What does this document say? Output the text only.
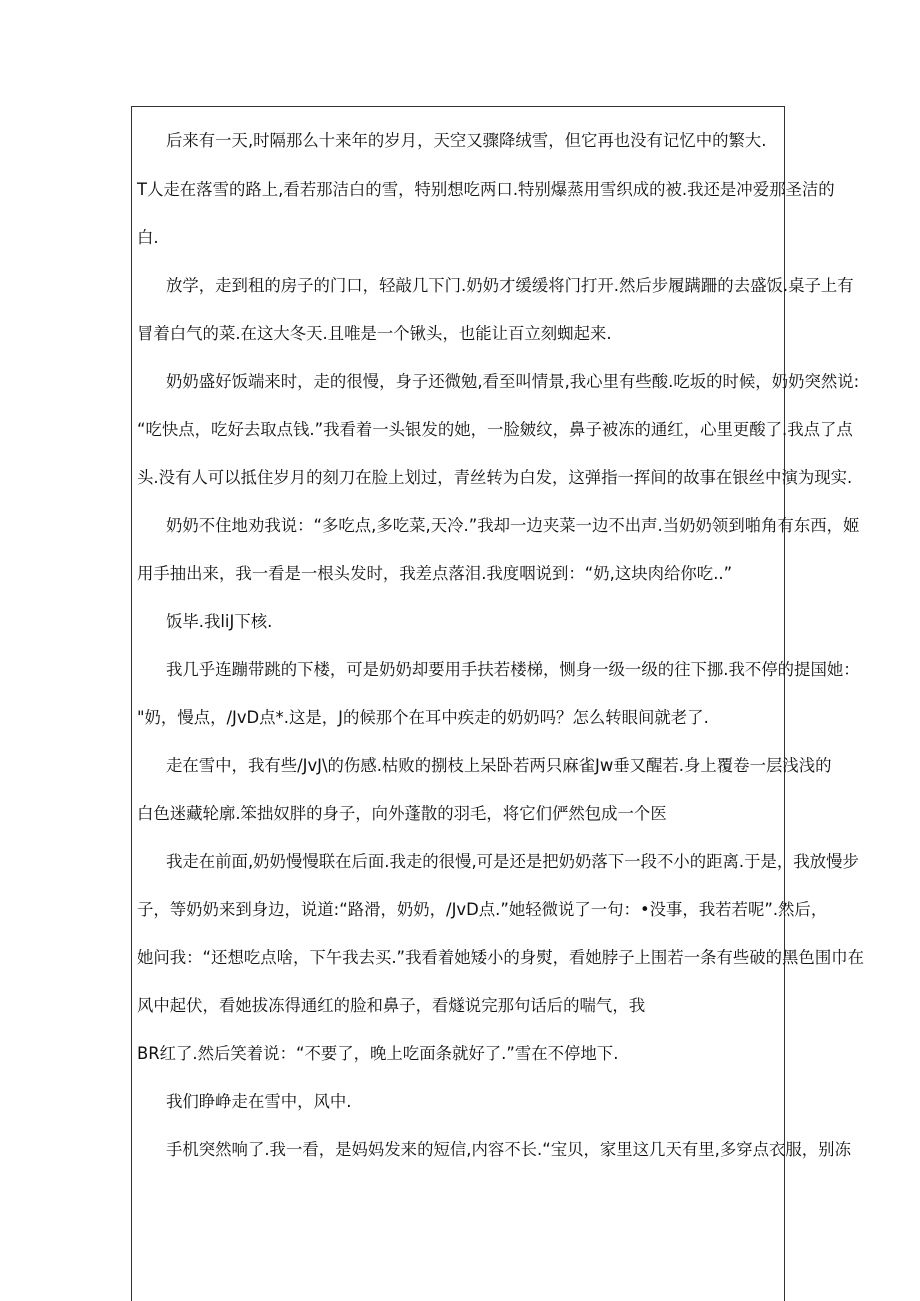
后来有一天,时隔那么十来年的岁月，天空又骤降绒雪，但它再也没有记忆中的繁大.
T人走在落雪的路上,看若那洁白的雪，特别想吃两口.特别爆蒸用雪织成的被.我还是冲爱那圣洁的
白.
放学，走到租的房子的门口，轻敲几下门.奶奶才缓缓将门打开.然后步履蹒跚的去盛饭.桌子上有
冒着白气的菜.在这大冬天.且唯是一个锹头，也能让百立刻蜘起来.
奶奶盛好饭端来时，走的很慢，身子还微勉,看至叫情景,我心里有些酸.吃坂的时候，奶奶突然说:
“吃快点，吃好去取点钱.”我看着一头银发的她，一脸皴纹，鼻子被冻的通红，心里更酸了.我点了点
头.没有人可以抵住岁月的刻刀在脸上划过，青丝转为白发，这弹指一挥间的故事在银丝中演为现实.
奶奶不住地劝我说：“多吃点,多吃菜,天冷.”我却一边夹菜一边不出声.当奶奶领到啪角有东西，姬
用手抽出来，我一看是一根头发时，我差点落泪.我度咽说到：“奶,这块肉给你吃..”
饭毕.我liJ下核.
我几乎连蹦带跳的下楼，可是奶奶却要用手扶若楼梯，恻身一级一级的往下挪.我不停的提国她：
"奶，慢点，/JvD点*.这是，J的候那个在耳中疾走的奶奶吗？怎么转眼间就老了.
走在雪中，我有些/JvJ\的伤感.枯败的捌枝上呆卧若两只麻雀Jw垂又醒若.身上覆卷一层浅浅的
白色迷藏轮廓.笨拙奴胖的身子，向外蓬散的羽毛，将它们俨然包成一个医
我走在前面,奶奶慢慢联在后面.我走的很慢,可是还是把奶奶落下一段不小的距离.于是，我放慢步
子，等奶奶来到身边，说道:“路滑，奶奶，/JvD点.”她轻微说了一句：•没事，我若若呢”.然后，
她问我：“还想吃点啥，下午我去买.”我看着她矮小的身熨，看她脖子上围若一条有些破的黑色围巾在
风中起伏，看她拔冻得通红的脸和鼻子，看燧说完那句话后的喘气，我
BR红了.然后笑着说：“不要了，晚上吃面条就好了.”雪在不停地下.
我们睁峥走在雪中，风中.
手机突然响了.我一看，是妈妈发来的短信,内容不长.“宝贝，家里这几天有里,多穿点衣服，别冻
